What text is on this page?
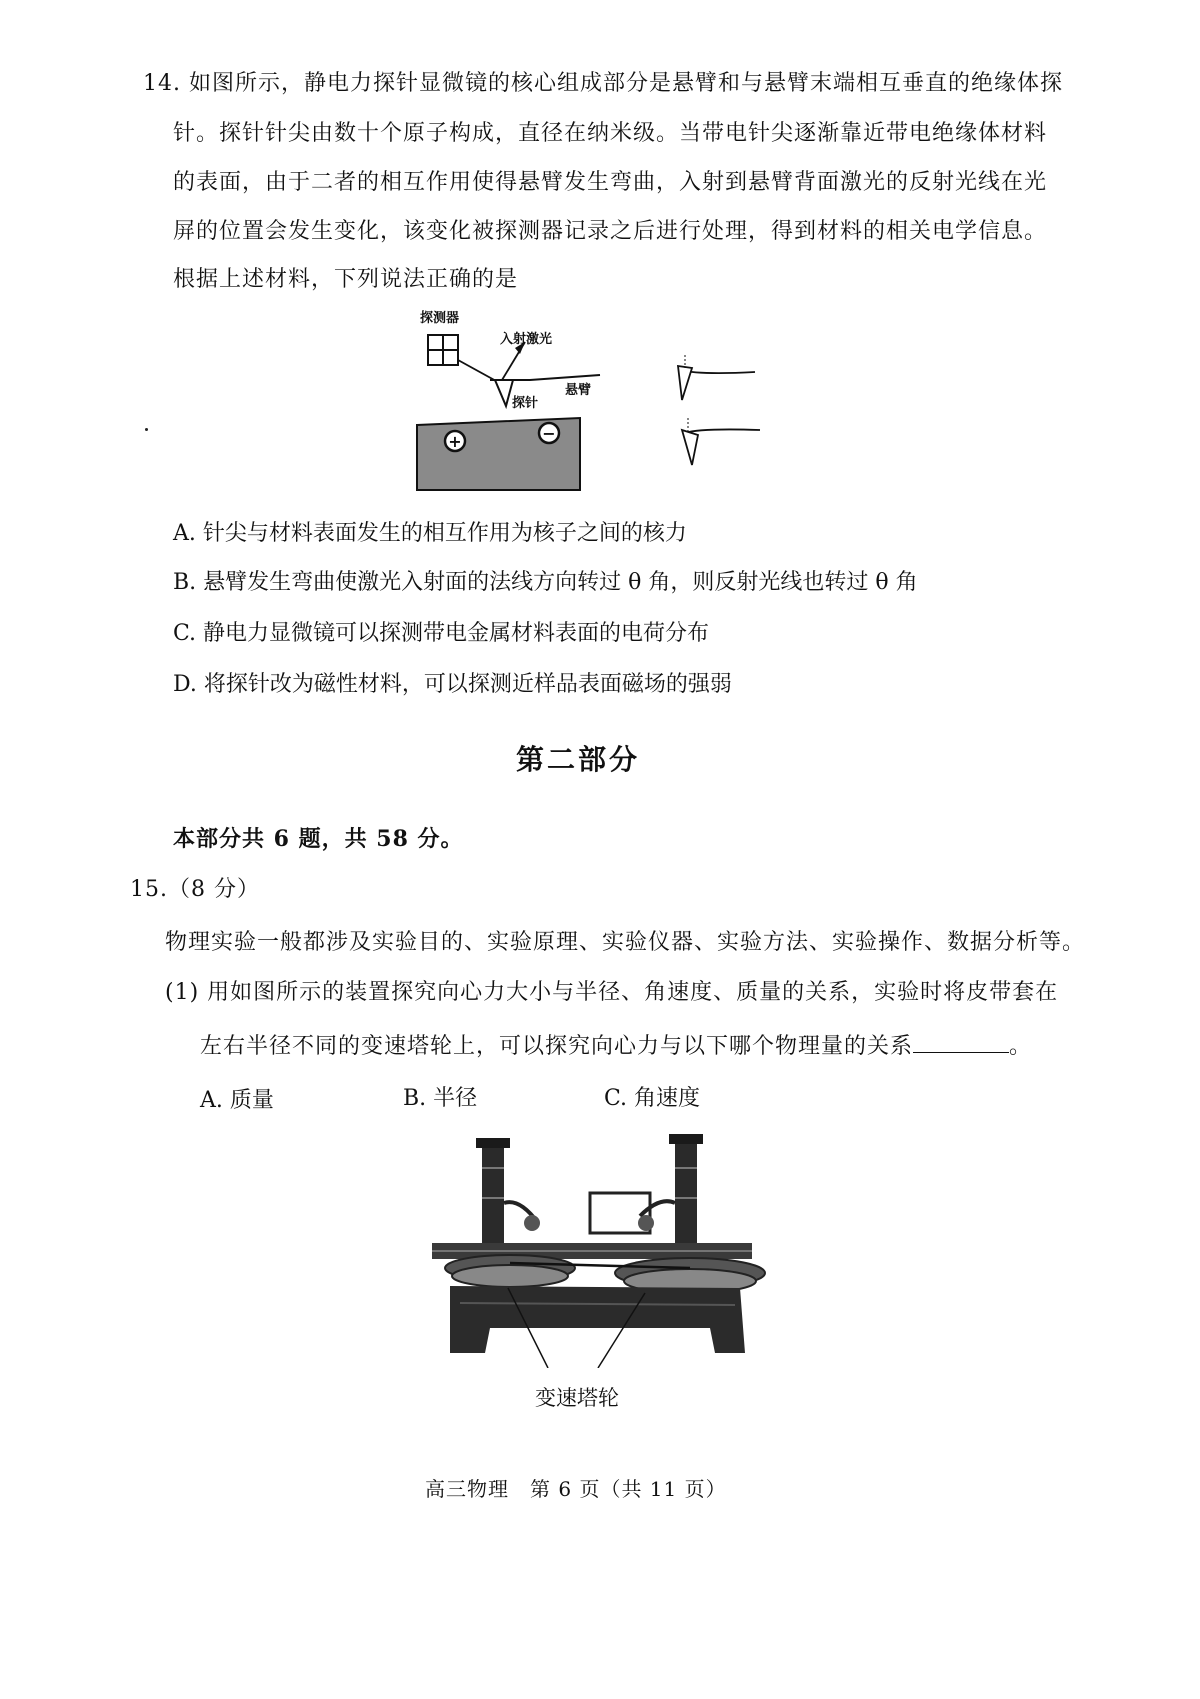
14. 如图所示，静电力探针显微镜的核心组成部分是悬臂和与悬臂末端相互垂直的绝缘体探
针。探针针尖由数十个原子构成，直径在纳米级。当带电针尖逐渐靠近带电绝缘体材料
的表面，由于二者的相互作用使得悬臂发生弯曲，入射到悬臂背面激光的反射光线在光
屏的位置会发生变化，该变化被探测器记录之后进行处理，得到材料的相关电学信息。
根据上述材料，下列说法正确的是
探测器
入射激光
悬臂
探针
+	−
A. 针尖与材料表面发生的相互作用为核子之间的核力
B. 悬臂发生弯曲使激光入射面的法线方向转过 θ 角，则反射光线也转过 θ 角
C. 静电力显微镜可以探测带电金属材料表面的电荷分布
D. 将探针改为磁性材料，可以探测近样品表面磁场的强弱
第二部分
本部分共 6 题，共 58 分。
15.（8 分）
物理实验一般都涉及实验目的、实验原理、实验仪器、实验方法、实验操作、数据分析等。
(1) 用如图所示的装置探究向心力大小与半径、角速度、质量的关系，实验时将皮带套在
左右半径不同的变速塔轮上，可以探究向心力与以下哪个物理量的关系	。
A. 质量	B. 半径	C. 角速度
变速塔轮
高三物理　第 6 页（共 11 页）
